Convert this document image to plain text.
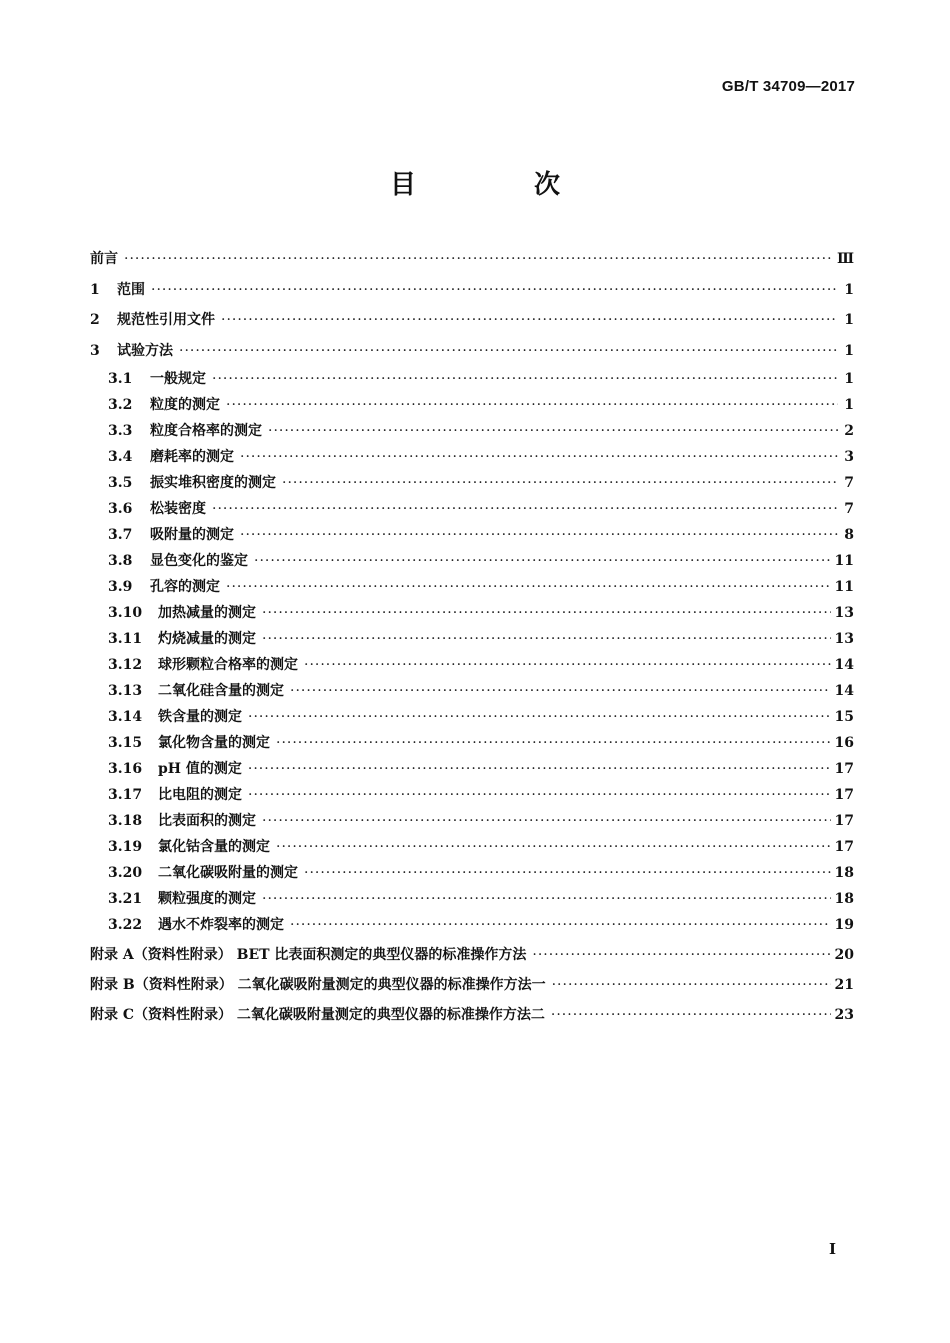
GB/T 34709—2017
目　次
前言 ·····	Ⅲ
1	范围 ·····	1
2	规范性引用文件 ·····	1
3	试验方法 ·····	1
3.1	一般规定 ·····	1
3.2	粒度的测定 ·····	1
3.3	粒度合格率的测定 ·····	2
3.4	磨耗率的测定 ·····	3
3.5	振实堆积密度的测定 ·····	7
3.6	松装密度 ·····	7
3.7	吸附量的测定 ·····	8
3.8	显色变化的鉴定 ·····	11
3.9	孔容的测定 ·····	11
3.10	加热减量的测定 ·····	13
3.11	灼烧减量的测定 ·····	13
3.12	球形颗粒合格率的测定 ·····	14
3.13	二氧化硅含量的测定 ·····	14
3.14	铁含量的测定 ·····	15
3.15	氯化物含量的测定 ·····	16
3.16	pH 值的测定 ·····	17
3.17	比电阻的测定 ·····	17
3.18	比表面积的测定 ·····	17
3.19	氯化钴含量的测定 ·····	17
3.20	二氧化碳吸附量的测定 ·····	18
3.21	颗粒强度的测定 ·····	18
3.22	遇水不炸裂率的测定 ·····	19
附录 A（资料性附录） BET 比表面积测定的典型仪器的标准操作方法 ·····	20
附录 B（资料性附录） 二氧化碳吸附量测定的典型仪器的标准操作方法一 ·····	21
附录 C（资料性附录） 二氧化碳吸附量测定的典型仪器的标准操作方法二 ·····	23
I
